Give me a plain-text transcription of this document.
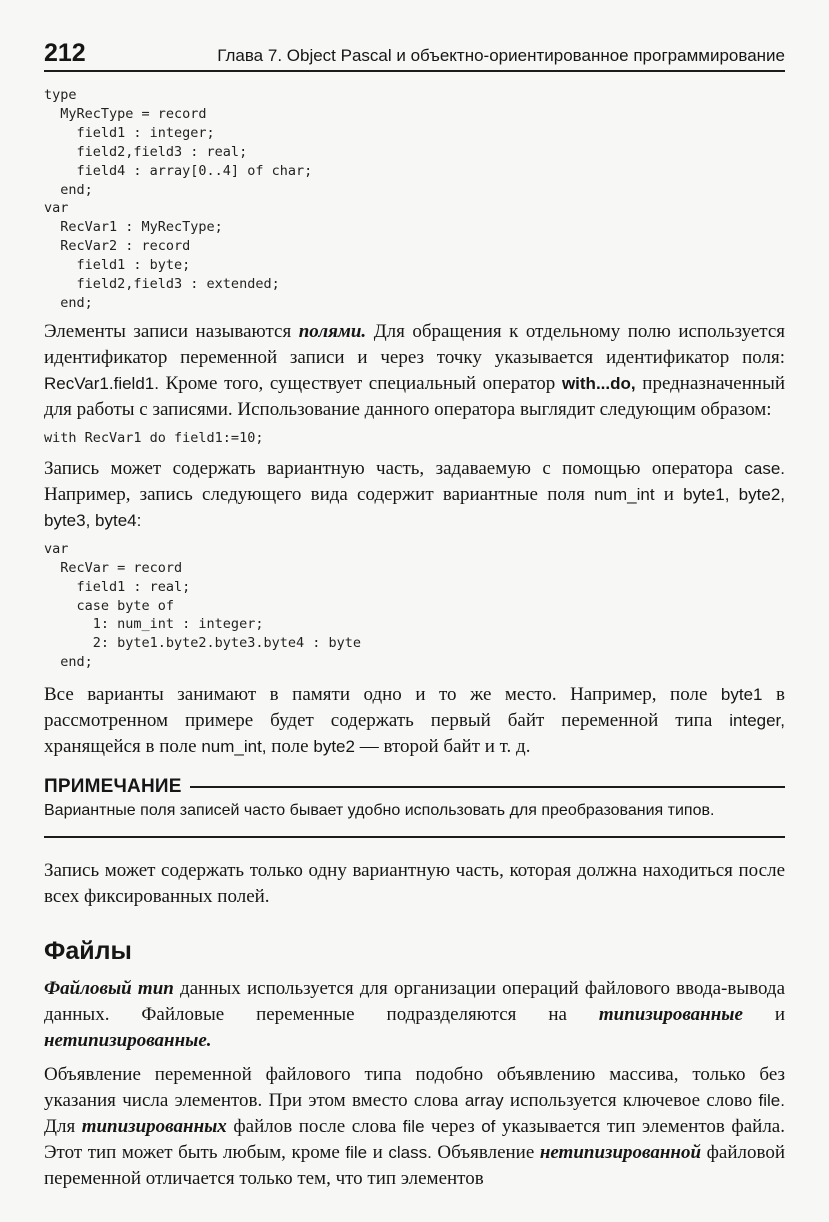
212	Глава 7. Object Pascal и объектно-ориентированное программирование
type
MyRecType = record
field1 : integer;
field2,field3 : real;
field4 : array[0..4] of char;
end;
var
RecVar1 : MyRecType;
RecVar2 : record
field1 : byte;
field2,field3 : extended;
end;

Элементы записи называются полями. Для обращения к отдельному полю используется идентификатор переменной записи и через точку указывается идентификатор поля: RecVar1.field1. Кроме того, существует специальный оператор with...do, предназначенный для работы с записями. Использование данного оператора выглядит следующим образом:

with RecVar1 do field1:=10;

Запись может содержать вариантную часть, задаваемую с помощью оператора case. Например, запись следующего вида содержит вариантные поля num_int и byte1, byte2, byte3, byte4:

var
RecVar = record
field1 : real;
case byte of
1: num_int : integer;
2: byte1.byte2.byte3.byte4 : byte
end;

Все варианты занимают в памяти одно и то же место. Например, поле byte1 в рассмотренном примере будет содержать первый байт переменной типа integer, хранящейся в поле num_int, поле byte2 — второй байт и т. д.

ПРИМЕЧАНИЕ

Вариантные поля записей часто бывает удобно использовать для преобразования типов.

Запись может содержать только одну вариантную часть, которая должна находиться после всех фиксированных полей.

Файлы

Файловый тип данных используется для организации операций файлового ввода-вывода данных. Файловые переменные подразделяются на типизированные и нетипизированные.

Объявление переменной файлового типа подобно объявлению массива, только без указания числа элементов. При этом вместо слова array используется ключевое слово file. Для типизированных файлов после слова file через of указывается тип элементов файла. Этот тип может быть любым, кроме file и class. Объявление нетипизированной файловой переменной отличается только тем, что тип элементов
